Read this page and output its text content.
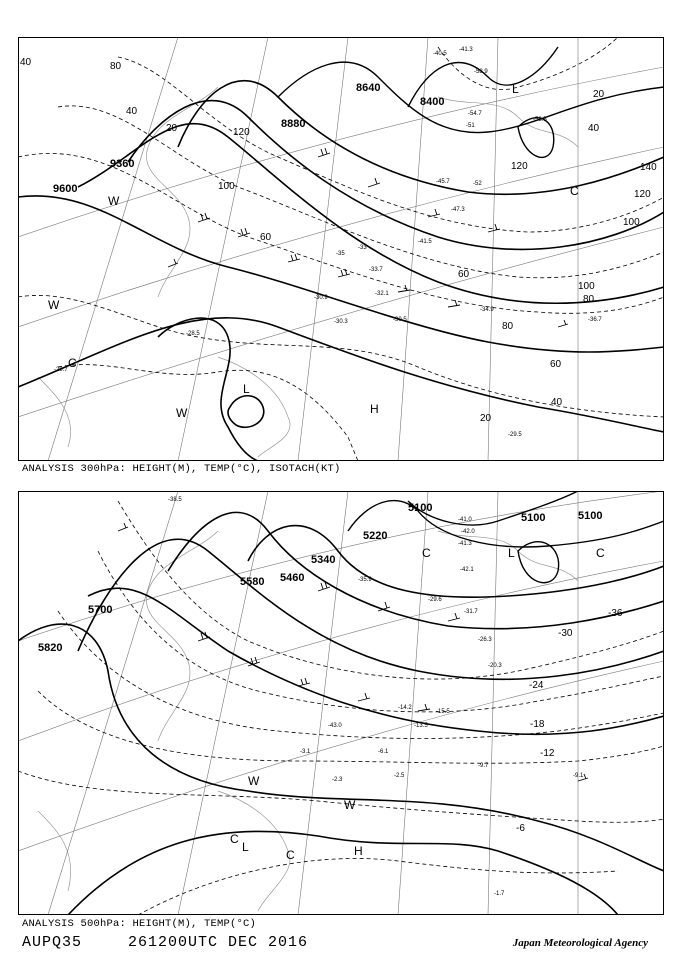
8880
8640
8400
9360
9600
40	80
40
20	120
100
60
100
80
60
40
120
120
140
100
40
20
60
80
20
L
L
H
C
W
W
W
C
-52
-45.7
-47.3
-54.7
-51
-41.5
-33
-35
-30.9
-30.3	-30.5
-32.1
-34.9
-36.7
-29.5
-29.7
-28.5
-33.7
-40.5
-41.3
-53.5
-58.9
ANALYSIS 300hPa: HEIGHT(M), TEMP(°C), ISOTACH(KT)
5100
5100	5100
5340
5580 5460
5700
5820
5220
-36
-30
-24
-18
-12
-6
L
L
C	C
W
W
H
C
C
-41.3
-41.0
-42.1
-35.9
-31.7
-26.3
-20.3
-15.5
-14.2
-13.5
-9.7
-9.1
-6.1
-2.5
-1.7
-2.3
-3.1
-43.0
-38.5
-29.6
-42.0
ANALYSIS 500hPa: HEIGHT(M), TEMP(°C)
AUPQ35	261200UTC DEC 2016	Japan Meteorological Agency
